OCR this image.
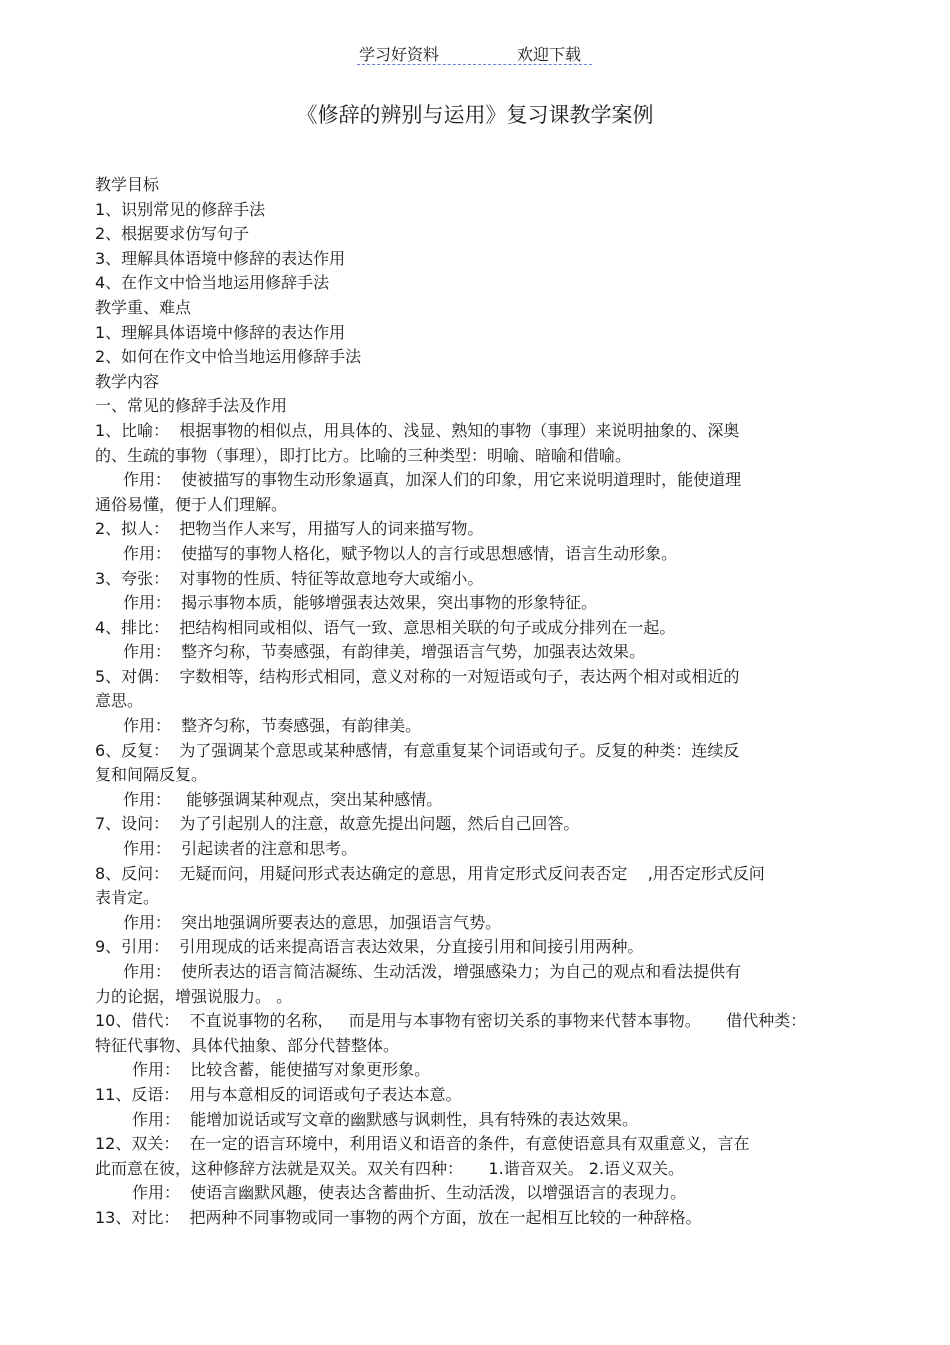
学习好资料

	欢迎下载

《修辞的辨别与运用》复习课教学案例
教学目标
1、识别常见的修辞手法
2、根据要求仿写句子
3、理解具体语境中修辞的表达作用
4、在作文中恰当地运用修辞手法
教学重、难点
1、理解具体语境中修辞的表达作用
2、如何在作文中恰当地运用修辞手法
教学内容
一、常见的修辞手法及作用
1、比喻：  根据事物的相似点，用具体的、浅显、熟知的事物（事理）来说明抽象的、深奥
的、生疏的事物（事理），即打比方。比喻的三种类型：明喻、暗喻和借喻。
作用：  使被描写的事物生动形象逼真，加深人们的印象，用它来说明道理时，能使道理
通俗易懂，便于人们理解。
2、拟人：  把物当作人来写，用描写人的词来描写物。
作用：  使描写的事物人格化，赋予物以人的言行或思想感情，语言生动形象。
3、夸张：  对事物的性质、特征等故意地夸大或缩小。
作用：  揭示事物本质，能够增强表达效果，突出事物的形象特征。
4、排比：  把结构相同或相似、语气一致、意思相关联的句子或成分排列在一起。
作用：  整齐匀称，节奏感强，有韵律美，增强语言气势，加强表达效果。
5、对偶：  字数相等，结构形式相同，意义对称的一对短语或句子，表达两个相对或相近的
意思。
作用：  整齐匀称，节奏感强，有韵律美。
6、反复：  为了强调某个意思或某种感情，有意重复某个词语或句子。反复的种类：连续反
复和间隔反复。
作用：   能够强调某种观点，突出某种感情。
7、设问：  为了引起别人的注意，故意先提出问题，然后自己回答。
作用：  引起读者的注意和思考。
8、反问：  无疑而问，用疑问形式表达确定的意思，用肯定形式反问表否定    ,用否定形式反问
表肯定。
作用：  突出地强调所要表达的意思，加强语言气势。
9、引用：  引用现成的话来提高语言表达效果，分直接引用和间接引用两种。
作用：  使所表达的语言简洁凝练、生动活泼，增强感染力；为自己的观点和看法提供有
力的论据，增强说服力。 。
10、借代：  不直说事物的名称，   而是用与本事物有密切关系的事物来代替本事物。     借代种类：
特征代事物、具体代抽象、部分代替整体。
作用：  比较含蓄，能使描写对象更形象。
11、反语：  用与本意相反的词语或句子表达本意。
作用：  能增加说话或写文章的幽默感与讽刺性，具有特殊的表达效果。
12、双关：  在一定的语言环境中，利用语义和语音的条件，有意使语意具有双重意义，言在
此而意在彼，这种修辞方法就是双关。双关有四种：     1.谐音双关。 2.语义双关。
作用：  使语言幽默风趣，使表达含蓄曲折、生动活泼，以增强语言的表现力。
13、对比：  把两种不同事物或同一事物的两个方面，放在一起相互比较的一种辞格。
